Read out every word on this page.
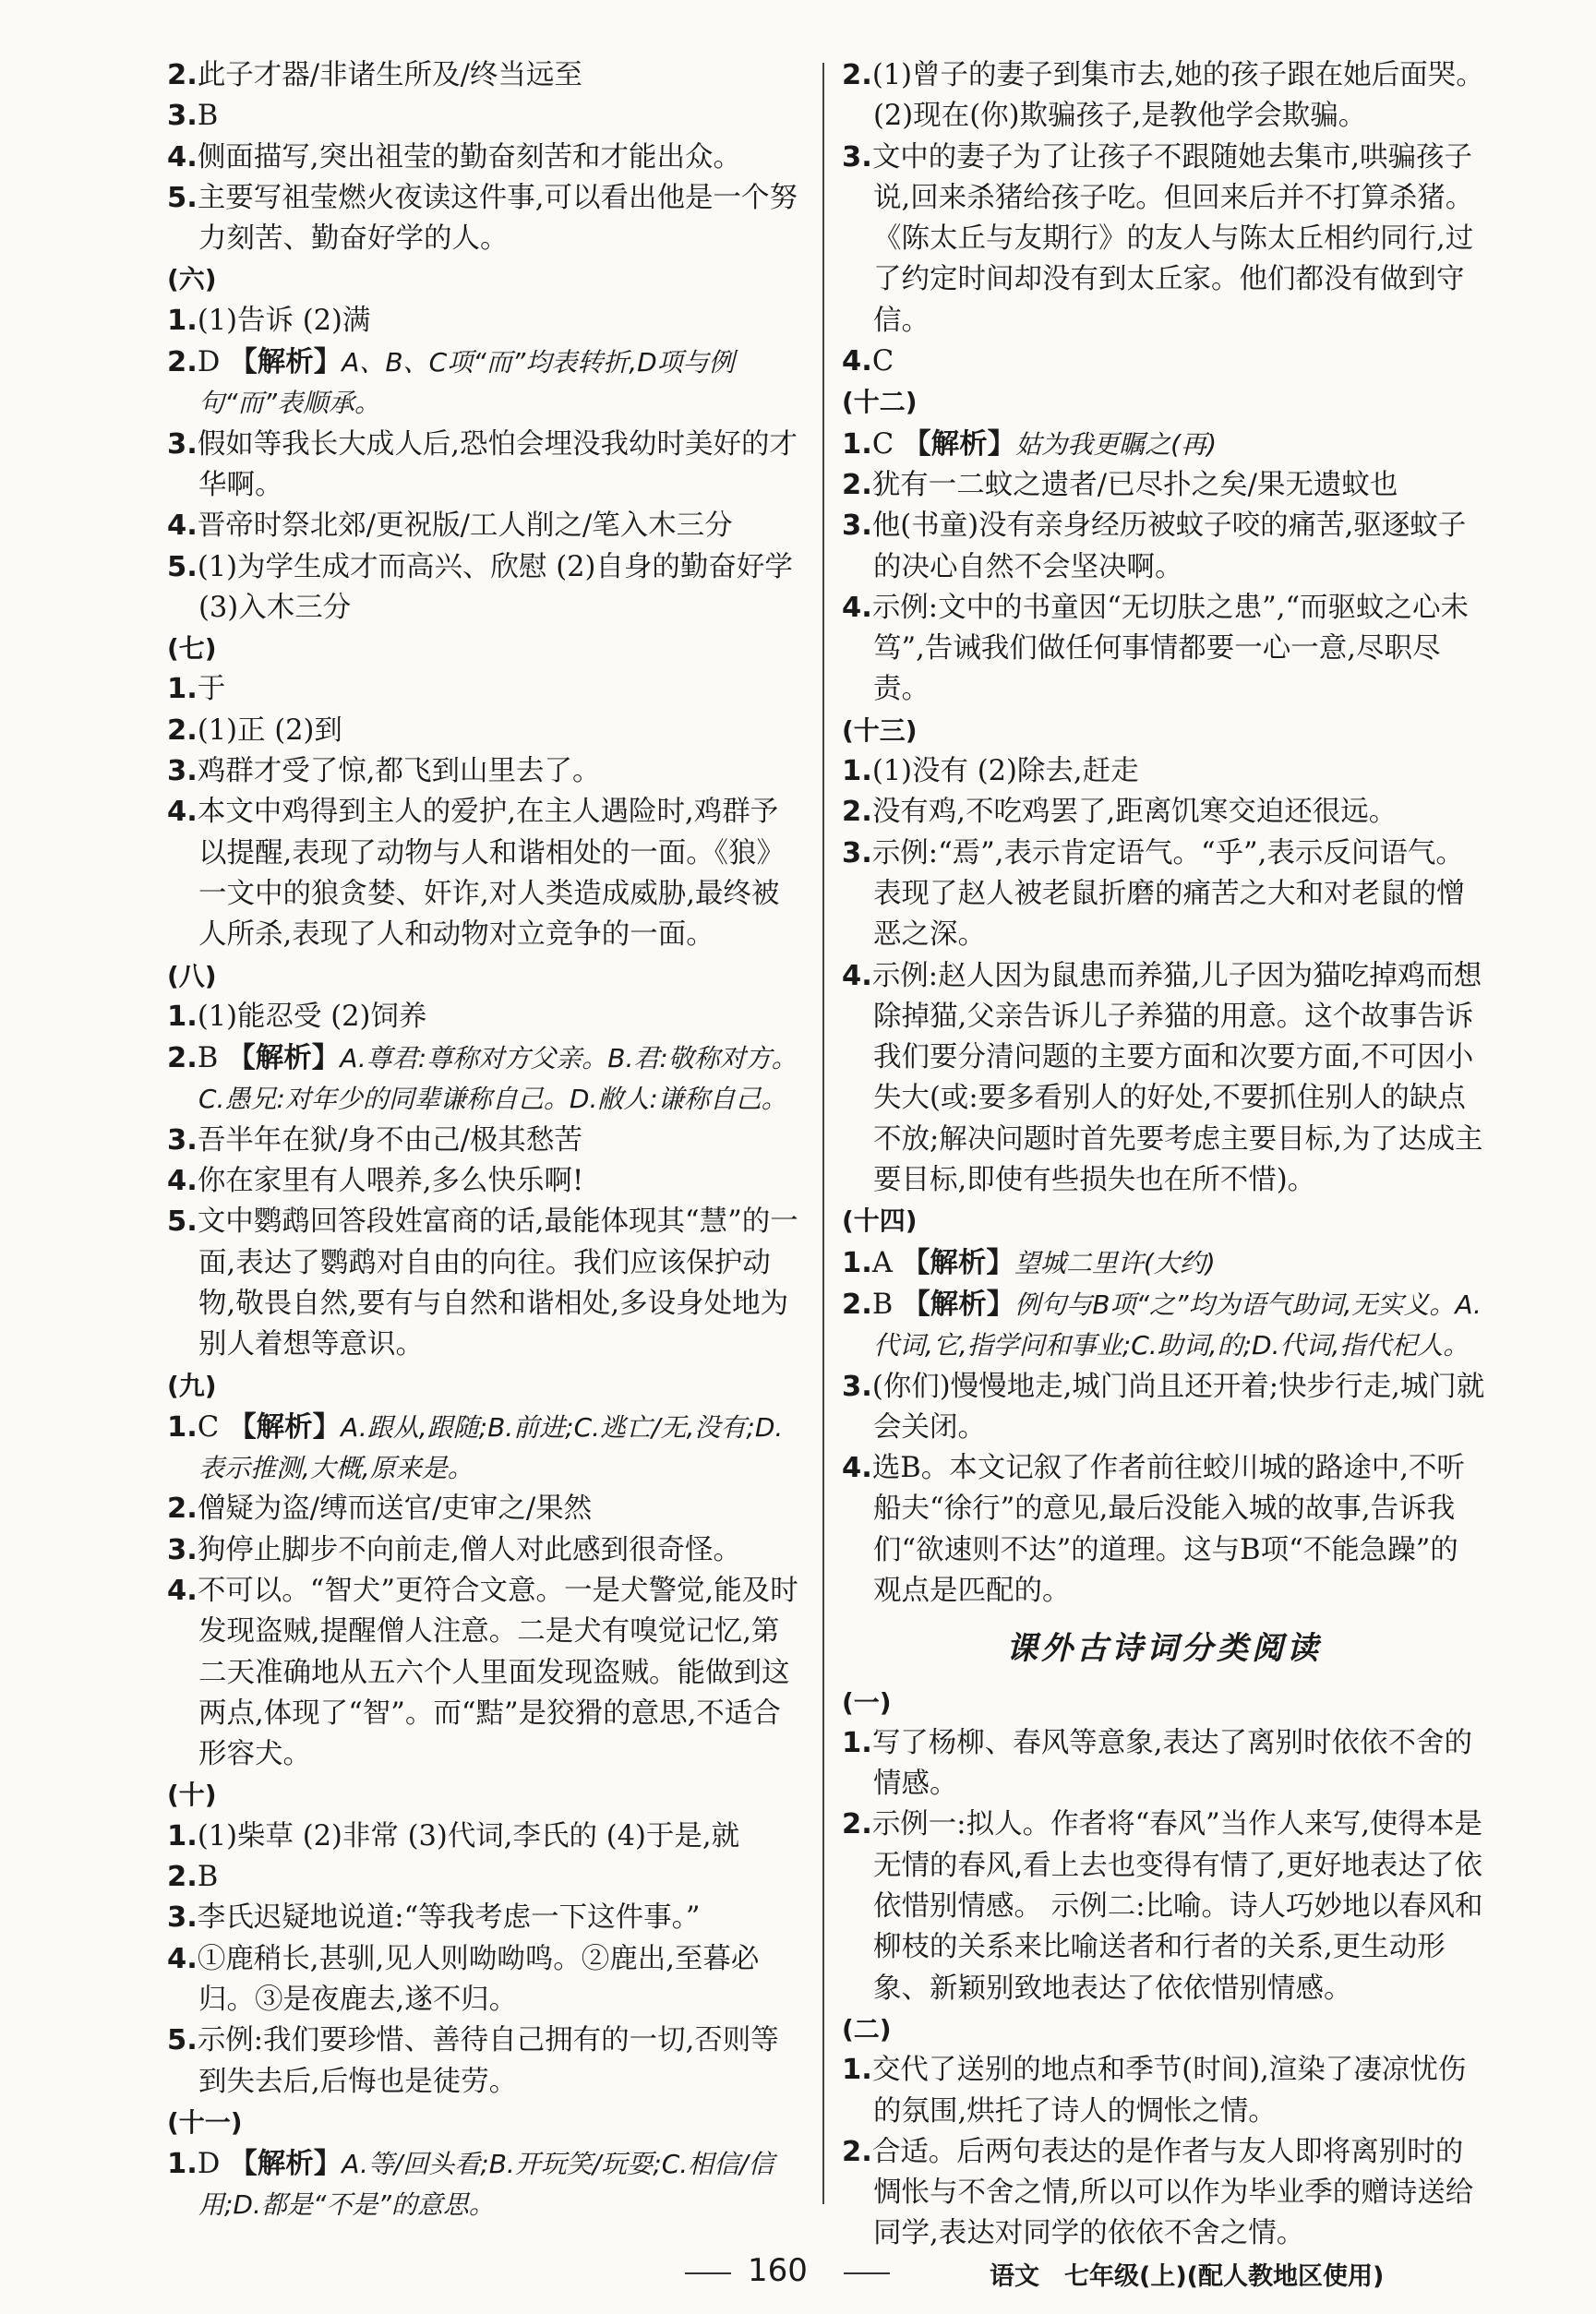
2.此子才器/非诸生所及/终当远至
3.B
4.侧面描写,突出祖莹的勤奋刻苦和才能出众。
5.主要写祖莹燃火夜读这件事,可以看出他是一个努力刻苦、勤奋好学的人。
(六)
1.(1)告诉 (2)满
2.D 【解析】A、B、C项“而”均表转折,D项与例句“而”表顺承。
3.假如等我长大成人后,恐怕会埋没我幼时美好的才华啊。
4.晋帝时祭北郊/更祝版/工人削之/笔入木三分
5.(1)为学生成才而高兴、欣慰 (2)自身的勤奋好学 (3)入木三分
(七)
1.于
2.(1)正 (2)到
3.鸡群才受了惊,都飞到山里去了。
4.本文中鸡得到主人的爱护,在主人遇险时,鸡群予以提醒,表现了动物与人和谐相处的一面。《狼》一文中的狼贪婪、奸诈,对人类造成威胁,最终被人所杀,表现了人和动物对立竞争的一面。
(八)
1.(1)能忍受 (2)饲养
2.B 【解析】A.尊君:尊称对方父亲。B.君:敬称对方。C.愚兄:对年少的同辈谦称自己。D.敝人:谦称自己。
3.吾半年在狱/身不由己/极其愁苦
4.你在家里有人喂养,多么快乐啊!
5.文中鹦鹉回答段姓富商的话,最能体现其“慧”的一面,表达了鹦鹉对自由的向往。我们应该保护动物,敬畏自然,要有与自然和谐相处,多设身处地为别人着想等意识。
(九)
1.C 【解析】A.跟从,跟随;B.前进;C.逃亡/无,没有;D.表示推测,大概,原来是。
2.僧疑为盗/缚而送官/吏审之/果然
3.狗停止脚步不向前走,僧人对此感到很奇怪。
4.不可以。“智犬”更符合文意。一是犬警觉,能及时发现盗贼,提醒僧人注意。二是犬有嗅觉记忆,第二天准确地从五六个人里面发现盗贼。能做到这两点,体现了“智”。而“黠”是狡猾的意思,不适合形容犬。
(十)
1.(1)柴草 (2)非常 (3)代词,李氏的 (4)于是,就
2.B
3.李氏迟疑地说道:“等我考虑一下这件事。”
4.①鹿稍长,甚驯,见人则呦呦鸣。②鹿出,至暮必归。③是夜鹿去,遂不归。
5.示例:我们要珍惜、善待自己拥有的一切,否则等到失去后,后悔也是徒劳。
(十一)
1.D 【解析】A.等/回头看;B.开玩笑/玩耍;C.相信/信用;D.都是“不是”的意思。
2.(1)曾子的妻子到集市去,她的孩子跟在她后面哭。(2)现在(你)欺骗孩子,是教他学会欺骗。
3.文中的妻子为了让孩子不跟随她去集市,哄骗孩子说,回来杀猪给孩子吃。但回来后并不打算杀猪。《陈太丘与友期行》的友人与陈太丘相约同行,过了约定时间却没有到太丘家。他们都没有做到守信。
4.C
(十二)
1.C 【解析】姑为我更瞩之(再)
2.犹有一二蚊之遗者/已尽扑之矣/果无遗蚊也
3.他(书童)没有亲身经历被蚊子咬的痛苦,驱逐蚊子的决心自然不会坚决啊。
4.示例:文中的书童因“无切肤之患”,“而驱蚊之心未笃”,告诫我们做任何事情都要一心一意,尽职尽责。
(十三)
1.(1)没有 (2)除去,赶走
2.没有鸡,不吃鸡罢了,距离饥寒交迫还很远。
3.示例:“焉”,表示肯定语气。“乎”,表示反问语气。表现了赵人被老鼠折磨的痛苦之大和对老鼠的憎恶之深。
4.示例:赵人因为鼠患而养猫,儿子因为猫吃掉鸡而想除掉猫,父亲告诉儿子养猫的用意。这个故事告诉我们要分清问题的主要方面和次要方面,不可因小失大(或:要多看别人的好处,不要抓住别人的缺点不放;解决问题时首先要考虑主要目标,为了达成主要目标,即使有些损失也在所不惜)。
(十四)
1.A 【解析】望城二里许(大约)
2.B 【解析】例句与B项“之”均为语气助词,无实义。A.代词,它,指学问和事业;C.助词,的;D.代词,指代杞人。
3.(你们)慢慢地走,城门尚且还开着;快步行走,城门就会关闭。
4.选B。本文记叙了作者前往蛟川城的路途中,不听船夫“徐行”的意见,最后没能入城的故事,告诉我们“欲速则不达”的道理。这与B项“不能急躁”的观点是匹配的。
课外古诗词分类阅读
(一)
1.写了杨柳、春风等意象,表达了离别时依依不舍的情感。
2.示例一:拟人。作者将“春风”当作人来写,使得本是无情的春风,看上去也变得有情了,更好地表达了依依惜别情感。 示例二:比喻。诗人巧妙地以春风和柳枝的关系来比喻送者和行者的关系,更生动形象、新颖别致地表达了依依惜别情感。
(二)
1.交代了送别的地点和季节(时间),渲染了凄凉忧伤的氛围,烘托了诗人的惆怅之情。
2.合适。后两句表达的是作者与友人即将离别时的惆怅与不舍之情,所以可以作为毕业季的赠诗送给同学,表达对同学的依依不舍之情。
160	语文　七年级(上)(配人教地区使用)
